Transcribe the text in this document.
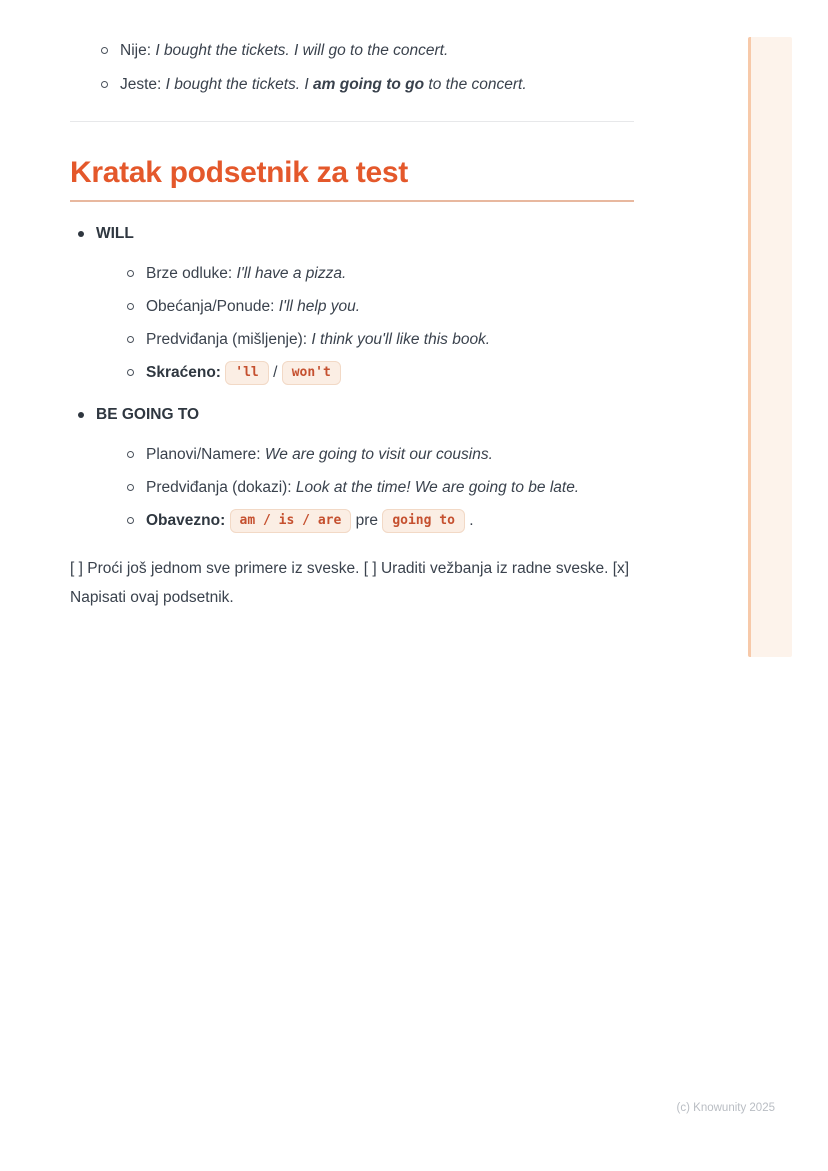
Nije: I bought the tickets. I will go to the concert.
Jeste: I bought the tickets. I am going to go to the concert.
Kratak podsetnik za test
WILL
Brze odluke: I'll have a pizza.
Obećanja/Ponude: I'll help you.
Predviđanja (mišljenje): I think you'll like this book.
Skraćeno: 'll / won't
BE GOING TO
Planovi/Namere: We are going to visit our cousins.
Predviđanja (dokazi): Look at the time! We are going to be late.
Obavezno: am / is / are pre going to .

[ ] Proći još jednom sve primere iz sveske. [ ] Uraditi vežbanja iz radne sveske. [x] Napisati ovaj podsetnik.

(c) Knowunity 2025
